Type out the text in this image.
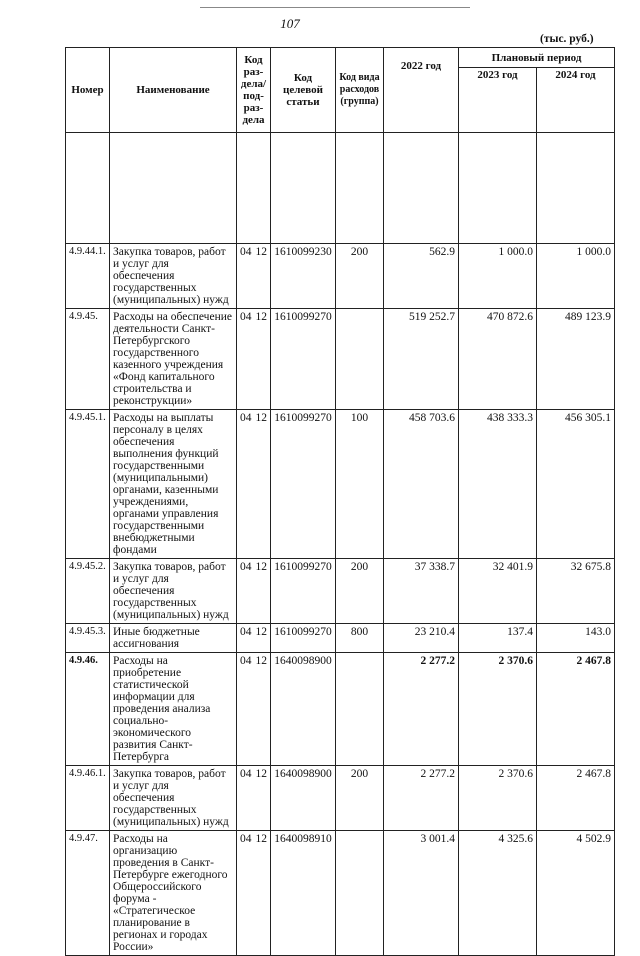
107
(тыс. руб.)
Номер	Наименование	Код раз-дела/ под-раз-дела	Код целевой статьи	Код вида расходов (группа)	2022 год	Плановый период	
						2023 год	2024 год

4.9.44.1.	Закупка товаров, работ и услуг для обеспечения государственных (муниципальных) нужд	04 12	1610099230	200	562.9	1 000.0	1 000.0
4.9.45.	Расходы на обеспечение деятельности Санкт-Петербургского государственного казенного учреждения «Фонд капитального строительства и реконструкции»	04 12	1610099270		519 252.7	470 872.6	489 123.9
4.9.45.1.	Расходы на выплаты персоналу в целях обеспечения выполнения функций государственными (муниципальными) органами, казенными учреждениями, органами управления государственными внебюджетными фондами	04 12	1610099270	100	458 703.6	438 333.3	456 305.1
4.9.45.2.	Закупка товаров, работ и услуг для обеспечения государственных (муниципальных) нужд	04 12	1610099270	200	37 338.7	32 401.9	32 675.8
4.9.45.3.	Иные бюджетные ассигнования	04 12	1610099270	800	23 210.4	137.4	143.0
4.9.46.	Расходы на приобретение статистической информации для проведения анализа социально-экономического развития Санкт-Петербурга	04 12	1640098900		2 277.2	2 370.6	2 467.8
4.9.46.1.	Закупка товаров, работ и услуг для обеспечения государственных (муниципальных) нужд	04 12	1640098900	200	2 277.2	2 370.6	2 467.8
4.9.47.	Расходы на организацию проведения в Санкт-Петербурге ежегодного Общероссийского форума - «Стратегическое планирование в регионах и городах России»	04 12	1640098910		3 001.4	4 325.6	4 502.9
